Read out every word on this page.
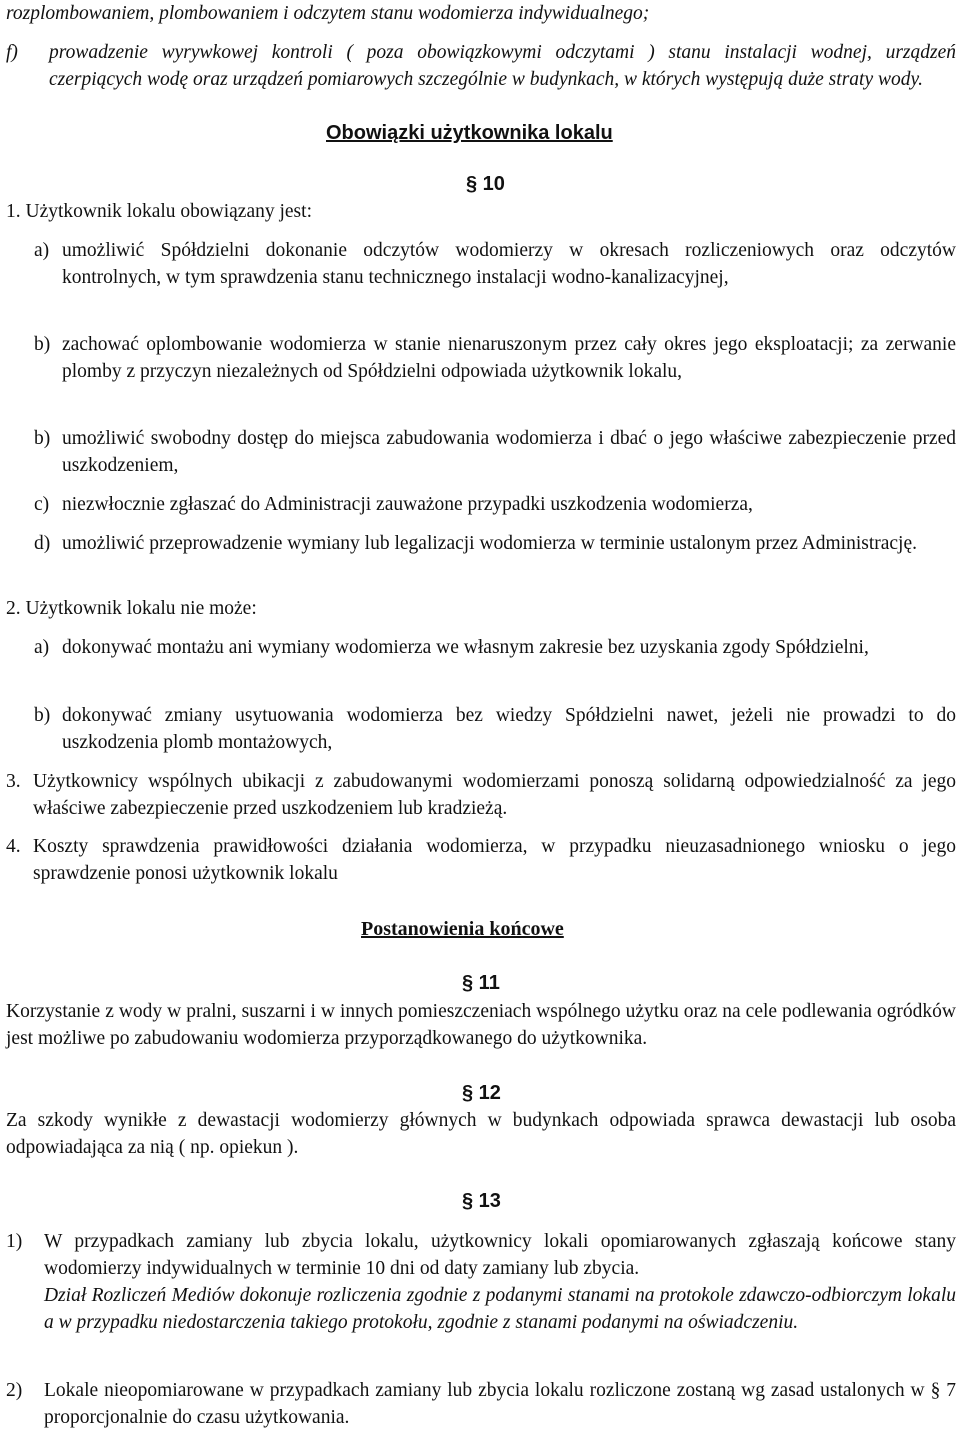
rozplombowaniem, plombowaniem i odczytem stanu wodomierza indywidualnego;

f) prowadzenie wyrywkowej kontroli ( poza obowiązkowymi odczytami ) stanu instalacji wodnej, urządzeń czerpiących wodę oraz urządzeń pomiarowych szczególnie w budynkach, w których występują duże straty wody.

Obowiązki użytkownika lokalu

§ 10

1. Użytkownik lokalu obowiązany jest:

a) umożliwić Spółdzielni dokonanie odczytów wodomierzy w okresach rozliczeniowych oraz odczytów kontrolnych, w tym sprawdzenia stanu technicznego instalacji wodno-kanalizacyjnej,
b) zachować oplombowanie wodomierza w stanie nienaruszonym przez cały okres jego eksploatacji; za zerwanie plomby z przyczyn niezależnych od Spółdzielni odpowiada użytkownik lokalu,
b) umożliwić swobodny dostęp do miejsca zabudowania wodomierza i dbać o jego właściwe zabezpieczenie przed uszkodzeniem,
c) niezwłocznie zgłaszać do Administracji zauważone przypadki uszkodzenia wodomierza,
d) umożliwić przeprowadzenie wymiany lub legalizacji wodomierza w terminie ustalonym przez Administrację.

2. Użytkownik lokalu nie może:

a) dokonywać montażu ani wymiany wodomierza we własnym zakresie bez uzyskania zgody Spółdzielni,
b) dokonywać zmiany usytuowania wodomierza bez wiedzy Spółdzielni nawet, jeżeli nie prowadzi to do uszkodzenia plomb montażowych,
3. Użytkownicy wspólnych ubikacji z zabudowanymi wodomierzami ponoszą solidarną odpowiedzialność za jego właściwe zabezpieczenie przed uszkodzeniem lub kradzieżą.
4. Koszty sprawdzenia prawidłowości działania wodomierza, w przypadku nieuzasadnionego wniosku o jego sprawdzenie ponosi użytkownik lokalu

Postanowienia końcowe

§ 11

Korzystanie z wody w pralni, suszarni i w innych pomieszczeniach wspólnego użytku oraz na cele podlewania ogródków jest możliwe po zabudowaniu wodomierza przyporządkowanego do użytkownika.

§ 12

Za szkody wynikłe z dewastacji wodomierzy głównych w budynkach odpowiada sprawca dewastacji lub osoba odpowiadająca za nią ( np. opiekun ).

§ 13

1) W przypadkach zamiany lub zbycia lokalu, użytkownicy lokali opomiarowanych zgłaszają końcowe stany wodomierzy indywidualnych w terminie 10 dni od daty zamiany lub zbycia.
Dział Rozliczeń Mediów dokonuje rozliczenia zgodnie z podanymi stanami na protokole zdawczo-odbiorczym lokalu a w przypadku niedostarczenia takiego protokołu, zgodnie z stanami podanymi na oświadczeniu.
2) Lokale nieopomiarowane w przypadkach zamiany lub zbycia lokalu rozliczone zostaną wg zasad ustalonych w § 7 proporcjonalnie do czasu użytkowania.
